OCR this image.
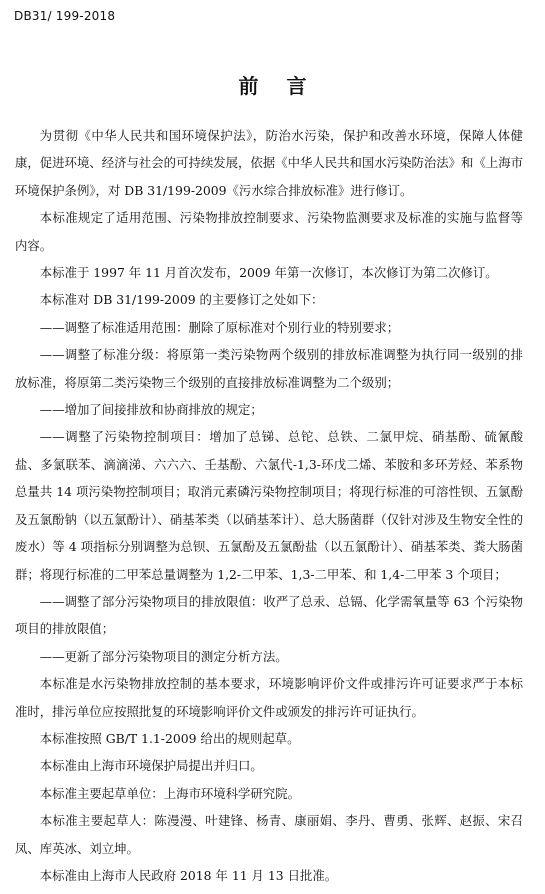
DB31/ 199-2018
前言

为贯彻《中华人民共和国环境保护法》，防治水污染，保护和改善水环境，保障人体健康，促进环境、经济与社会的可持续发展，依据《中华人民共和国水污染防治法》和《上海市环境保护条例》，对 DB 31/199-2009《污水综合排放标准》进行修订。

本标准规定了适用范围、污染物排放控制要求、污染物监测要求及标准的实施与监督等内容。

本标准于 1997 年 11 月首次发布，2009 年第一次修订，本次修订为第二次修订。

本标准对 DB 31/199-2009 的主要修订之处如下：

——调整了标准适用范围：删除了原标准对个别行业的特别要求；

——调整了标准分级：将原第一类污染物两个级别的排放标准调整为执行同一级别的排放标准，将原第二类污染物三个级别的直接排放标准调整为二个级别；

——增加了间接排放和协商排放的规定；

——调整了污染物控制项目：增加了总锑、总铊、总铁、二氯甲烷、硝基酚、硫氰酸盐、多氯联苯、滴滴涕、六六六、壬基酚、六氯代-1,3-环戊二烯、苯胺和多环芳烃、苯系物总量共 14 项污染物控制项目；取消元素磷污染物控制项目；将现行标准的可溶性钡、五氯酚及五氯酚钠（以五氯酚计）、硝基苯类（以硝基苯计）、总大肠菌群（仅针对涉及生物安全性的废水）等 4 项指标分别调整为总钡、五氯酚及五氯酚盐（以五氯酚计）、硝基苯类、粪大肠菌群；将现行标准的二甲苯总量调整为 1,2-二甲苯、1,3-二甲苯、和 1,4-二甲苯 3 个项目；

——调整了部分污染物项目的排放限值：收严了总汞、总镉、化学需氧量等 63 个污染物项目的排放限值；

——更新了部分污染物项目的测定分析方法。

本标准是水污染物排放控制的基本要求，环境影响评价文件或排污许可证要求严于本标准时，排污单位应按照批复的环境影响评价文件或颁发的排污许可证执行。

本标准按照 GB/T 1.1-2009 给出的规则起草。

本标准由上海市环境保护局提出并归口。

本标准主要起草单位：上海市环境科学研究院。

本标准主要起草人：陈漫漫、叶建锋、杨青、康丽娟、李丹、曹勇、张辉、赵振、宋召凤、库英冰、刘立坤。

本标准由上海市人民政府 2018 年 11 月 13 日批准。
